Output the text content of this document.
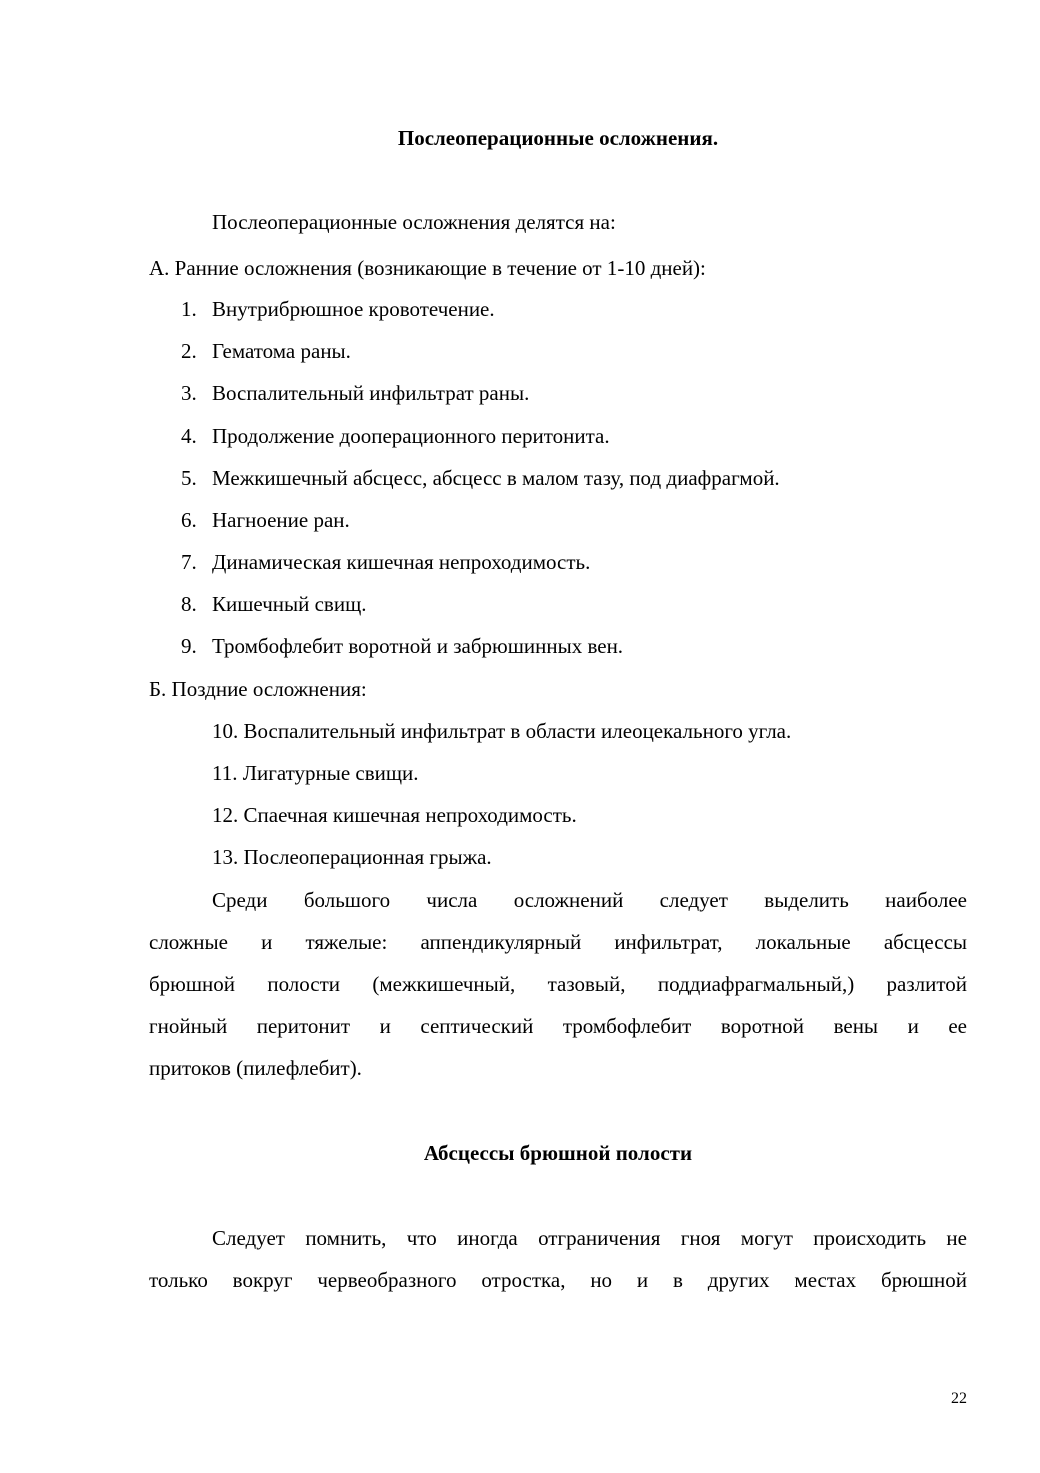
Послеоперационные осложнения.

Послеоперационные осложнения делятся на:

А. Ранние осложнения (возникающие в течение от 1-10 дней):

1. Внутрибрюшное кровотечение.
2. Гематома раны.
3. Воспалительный инфильтрат раны.
4. Продолжение дооперационного перитонита.
5. Межкишечный абсцесс, абсцесс в малом тазу, под диафрагмой.
6. Нагноение ран.
7. Динамическая кишечная непроходимость.
8. Кишечный свищ.
9. Тромбофлебит воротной и забрюшинных вен.

Б. Поздние осложнения:

10. Воспалительный инфильтрат в области илеоцекального угла.
11. Лигатурные свищи.
12. Спаечная кишечная непроходимость.
13. Послеоперационная грыжа.
Среди большого числа осложнений следует выделить наиболее
сложные и тяжелые: аппендикулярный инфильтрат, локальные абсцессы
брюшной полости (межкишечный, тазовый, поддиафрагмальный,) разлитой
гнойный перитонит и септический тромбофлебит воротной вены и ее

притоков (пилефлебит).

Абсцессы брюшной полости
Следует помнить, что иногда отграничения гноя могут происходить не
только вокруг червеобразного отростка, но и в других местах брюшной
22
